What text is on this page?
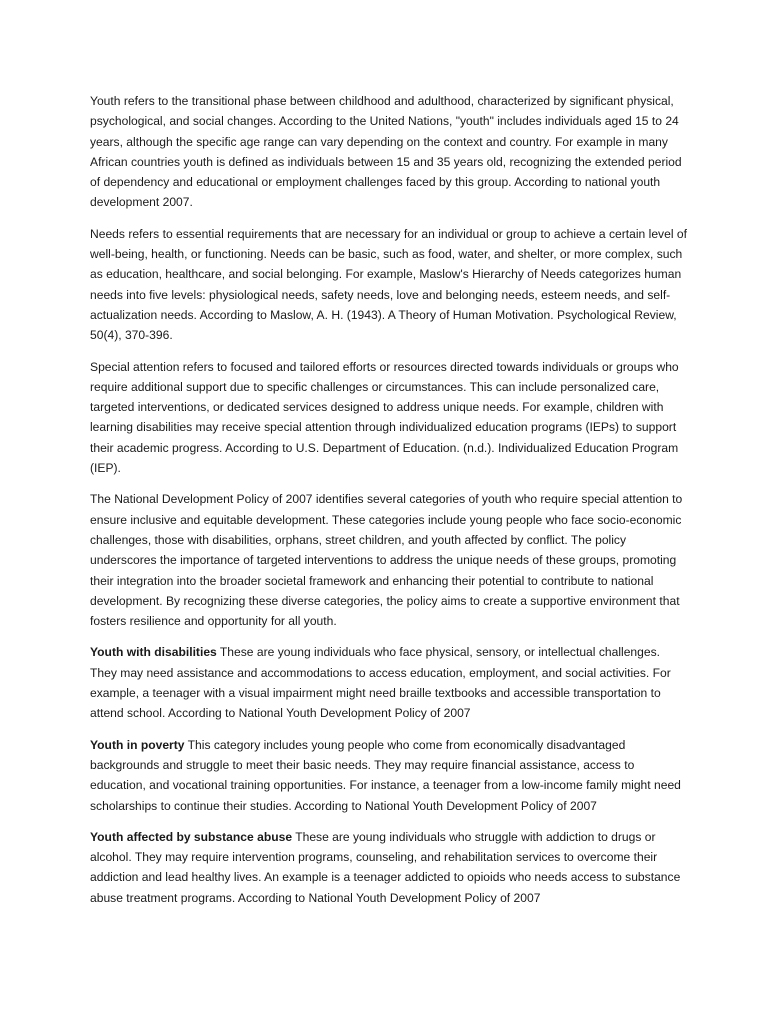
Youth refers to the transitional phase between childhood and adulthood, characterized by significant physical, psychological, and social changes. According to the United Nations, "youth" includes individuals aged 15 to 24 years, although the specific age range can vary depending on the context and country. For example in many African countries youth is defined as individuals between 15 and 35 years old, recognizing the extended period of dependency and educational or employment challenges faced by this group. According to national youth development 2007.

Needs refers to essential requirements that are necessary for an individual or group to achieve a certain level of well-being, health, or functioning. Needs can be basic, such as food, water, and shelter, or more complex, such as education, healthcare, and social belonging. For example, Maslow's Hierarchy of Needs categorizes human needs into five levels: physiological needs, safety needs, love and belonging needs, esteem needs, and self-actualization needs. According to Maslow, A. H. (1943). A Theory of Human Motivation. Psychological Review, 50(4), 370-396.

Special attention refers to focused and tailored efforts or resources directed towards individuals or groups who require additional support due to specific challenges or circumstances. This can include personalized care, targeted interventions, or dedicated services designed to address unique needs. For example, children with learning disabilities may receive special attention through individualized education programs (IEPs) to support their academic progress. According to U.S. Department of Education. (n.d.). Individualized Education Program (IEP).

The National Development Policy of 2007 identifies several categories of youth who require special attention to ensure inclusive and equitable development. These categories include young people who face socio-economic challenges, those with disabilities, orphans, street children, and youth affected by conflict. The policy underscores the importance of targeted interventions to address the unique needs of these groups, promoting their integration into the broader societal framework and enhancing their potential to contribute to national development. By recognizing these diverse categories, the policy aims to create a supportive environment that fosters resilience and opportunity for all youth.

Youth with disabilities These are young individuals who face physical, sensory, or intellectual challenges. They may need assistance and accommodations to access education, employment, and social activities. For example, a teenager with a visual impairment might need braille textbooks and accessible transportation to attend school. According to National Youth Development Policy of 2007

Youth in poverty This category includes young people who come from economically disadvantaged backgrounds and struggle to meet their basic needs. They may require financial assistance, access to education, and vocational training opportunities. For instance, a teenager from a low-income family might need scholarships to continue their studies. According to National Youth Development Policy of 2007

Youth affected by substance abuse These are young individuals who struggle with addiction to drugs or alcohol. They may require intervention programs, counseling, and rehabilitation services to overcome their addiction and lead healthy lives. An example is a teenager addicted to opioids who needs access to substance abuse treatment programs. According to National Youth Development Policy of 2007
